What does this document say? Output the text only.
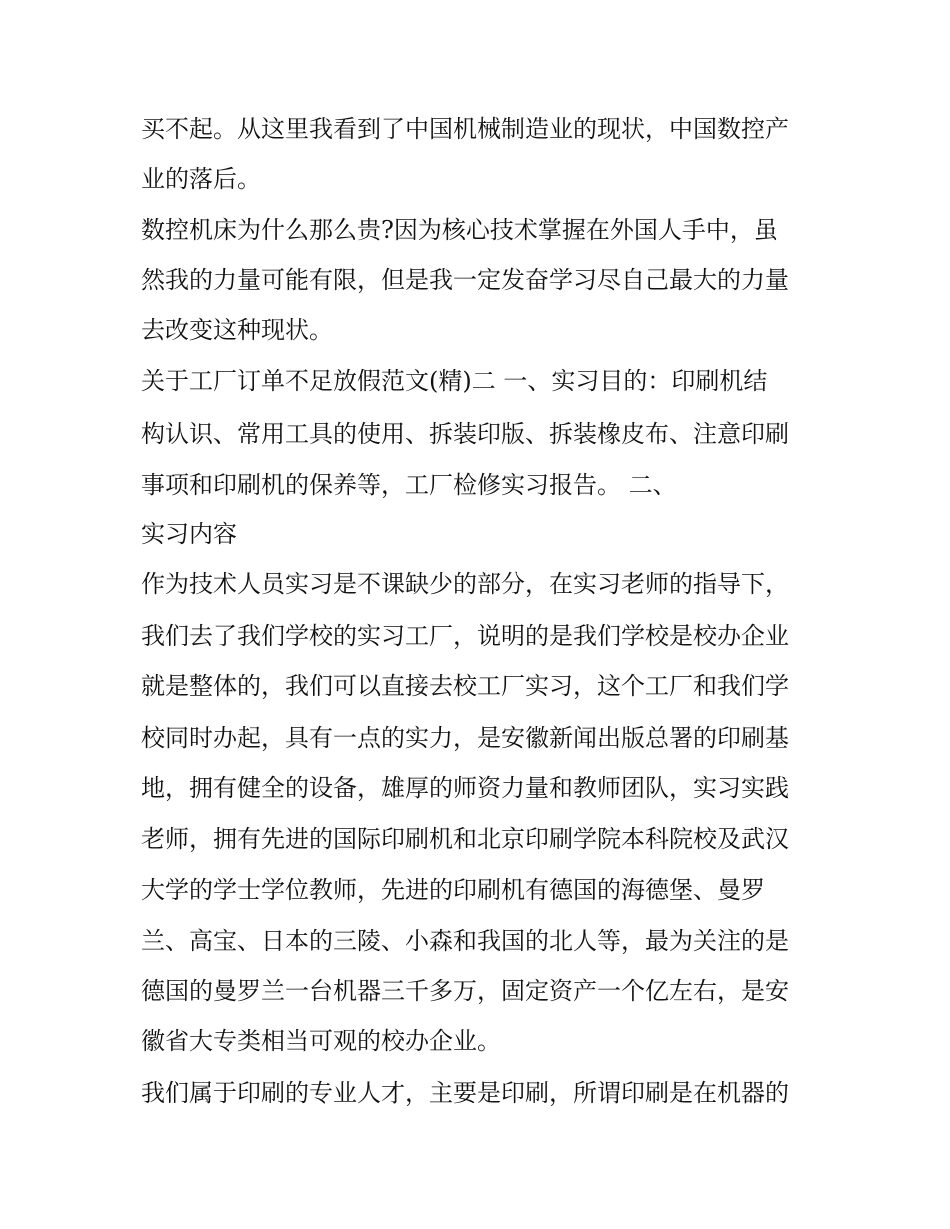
买不起。从这里我看到了中国机械制造业的现状，中国数控产

业的落后。

数控机床为什么那么贵?因为核心技术掌握在外国人手中，虽

然我的力量可能有限，但是我一定发奋学习尽自己最大的力量

去改变这种现状。

关于工厂订单不足放假范文(精)二 一、实习目的：印刷机结

构认识、常用工具的使用、拆装印版、拆装橡皮布、注意印刷

事项和印刷机的保养等，工厂检修实习报告。 二、

实习内容

作为技术人员实习是不课缺少的部分，在实习老师的指导下，

我们去了我们学校的实习工厂，说明的是我们学校是校办企业

就是整体的，我们可以直接去校工厂实习，这个工厂和我们学

校同时办起，具有一点的实力，是安徽新闻出版总署的印刷基

地，拥有健全的设备，雄厚的师资力量和教师团队，实习实践

老师，拥有先进的国际印刷机和北京印刷学院本科院校及武汉

大学的学士学位教师，先进的印刷机有德国的海德堡、曼罗

兰、高宝、日本的三陵、小森和我国的北人等，最为关注的是

德国的曼罗兰一台机器三千多万，固定资产一个亿左右，是安

徽省大专类相当可观的校办企业。

我们属于印刷的专业人才，主要是印刷，所谓印刷是在机器的
